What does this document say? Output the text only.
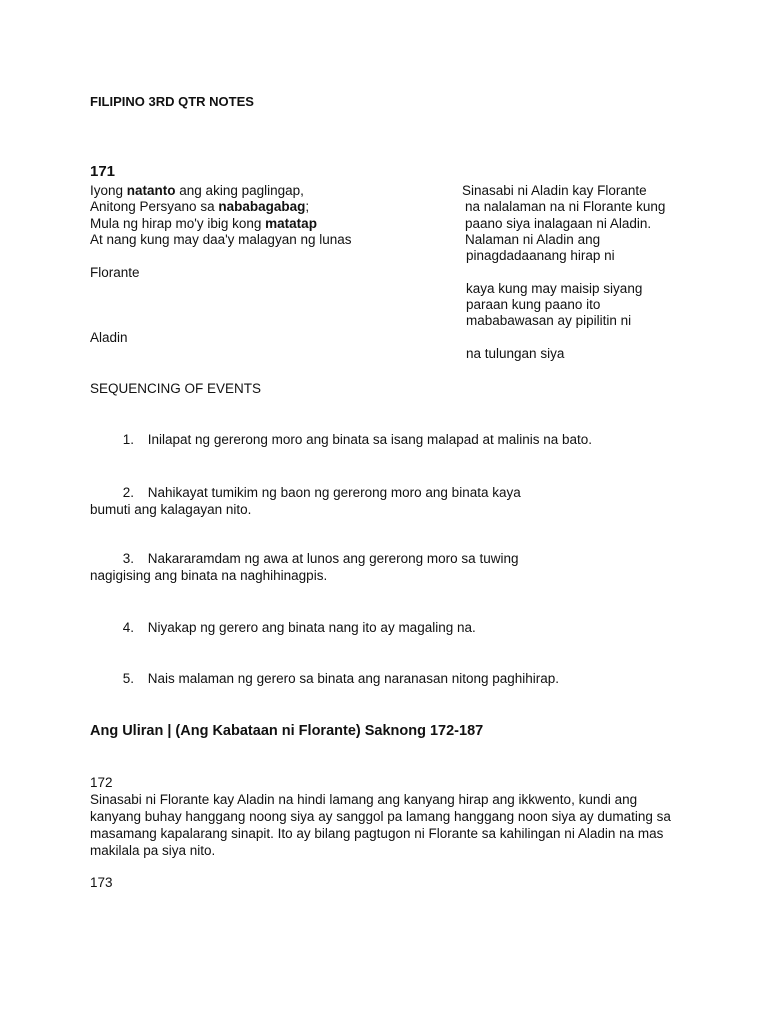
FILIPINO 3RD QTR NOTES
171
Iyong natanto ang aking paglingap,
Anitong Persyano sa nababagabag;
Mula ng hirap mo'y ibig kong matatap
At nang kung may daa'y malagyan ng lunas
Florante
Aladin
Sinasabi ni Aladin kay Florante
na nalalaman na ni Florante kung
paano siya inalagaan ni Aladin.
Nalaman ni Aladin ang
pinagdadaanang hirap ni
kaya kung may maisip siyang
paraan kung paano ito
mababawasan ay pipilitin ni
na tulungan siya
SEQUENCING OF EVENTS
1. Inilapat ng gererong moro ang binata sa isang malapad at malinis na bato.
2. Nahikayat tumikim ng baon ng gererong moro ang binata kaya
bumuti ang kalagayan nito.
3. Nakararamdam ng awa at lunos ang gererong moro sa tuwing
nagigising ang binata na naghihinagpis.
4. Niyakap ng gerero ang binata nang ito ay magaling na.
5. Nais malaman ng gerero sa binata ang naranasan nitong paghihirap.
Ang Uliran | (Ang Kabataan ni Florante) Saknong 172-187
172
Sinasabi ni Florante kay Aladin na hindi lamang ang kanyang hirap ang ikkwento, kundi ang kanyang buhay hanggang noong siya ay sanggol pa lamang hanggang noon siya ay dumating sa masamang kapalarang sinapit. Ito ay bilang pagtugon ni Florante sa kahilingan ni Aladin na mas makilala pa siya nito.
173
